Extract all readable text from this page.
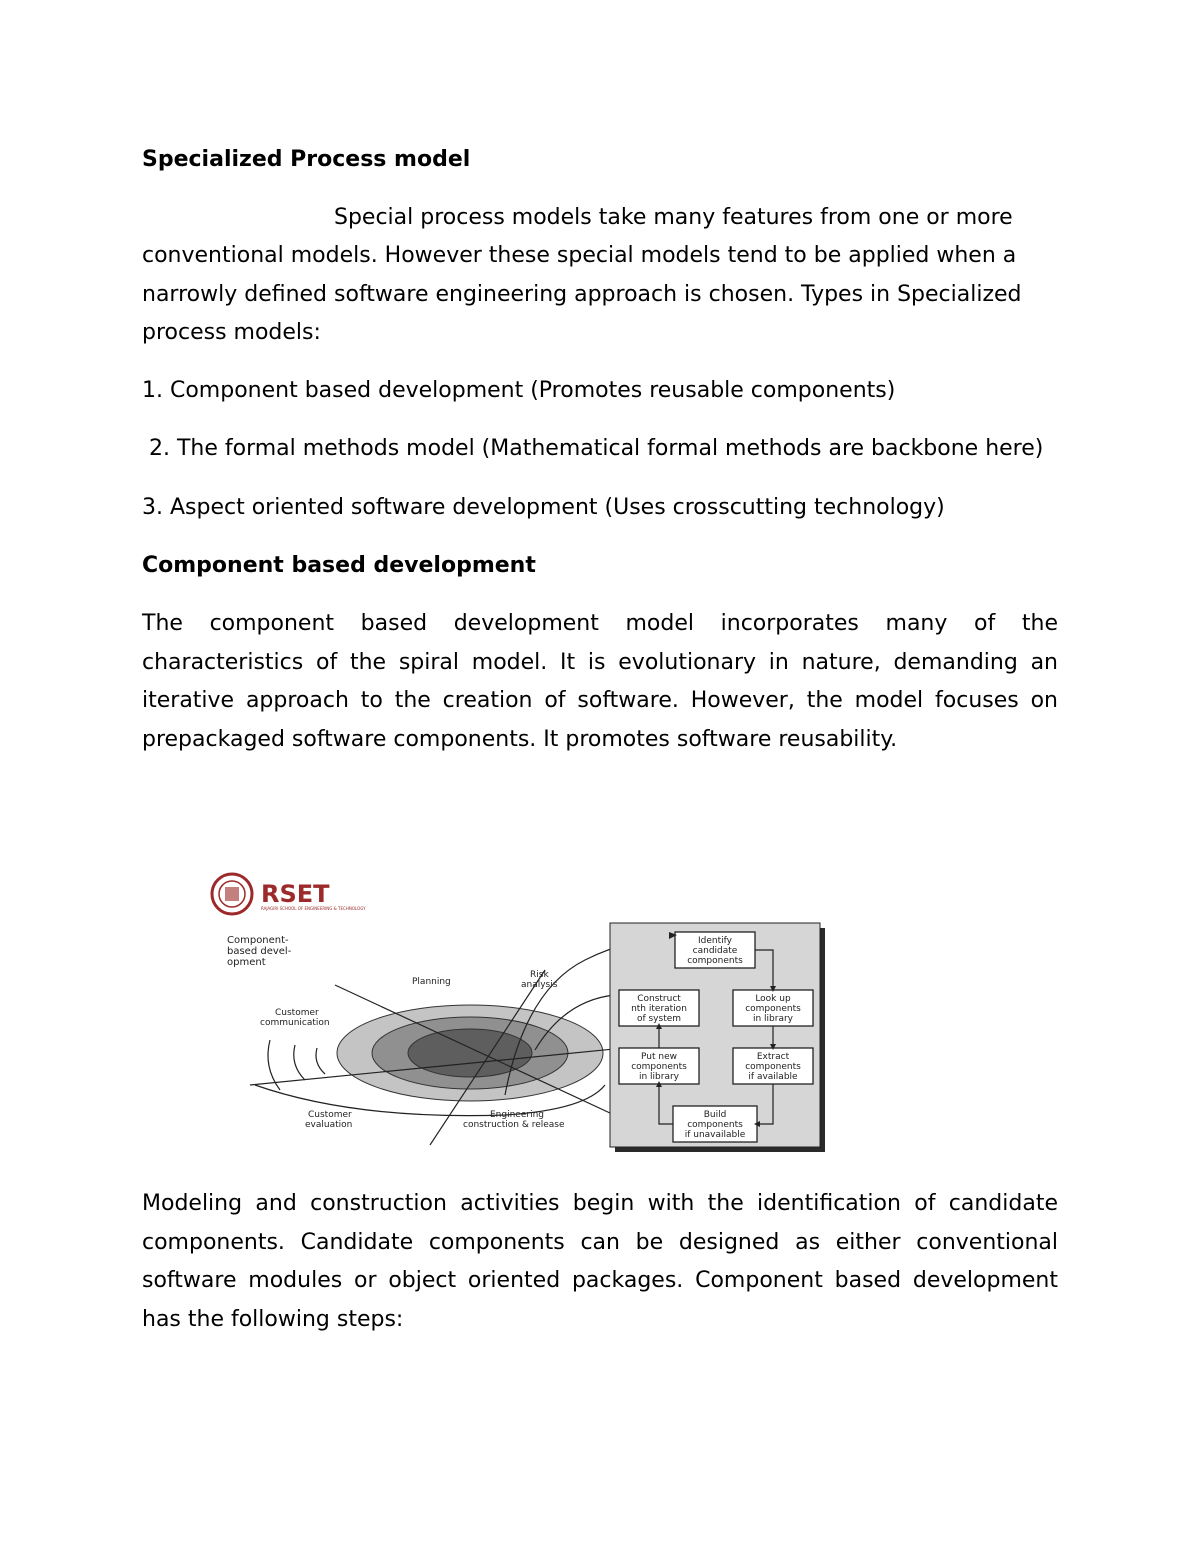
Specialized Process model

Special process models take many features from one or more

conventional models. However these special models tend to be applied when a

narrowly defined software engineering approach is chosen. Types in Specialized

process models:

1. Component based development (Promotes reusable components)

2. The formal methods model (Mathematical formal methods are backbone here)

3. Aspect oriented software development (Uses crosscutting technology)

Component based development

The component based development model incorporates many of the characteristics of the spiral model. It is evolutionary in nature, demanding an iterative approach to the creation of software. However, the model focuses on prepackaged software components. It promotes software reusability.

RSET
RAJAGIRI SCHOOL OF ENGINEERING & TECHNOLOGY
Component-
based devel-
opment
Planning
Risk
analysis
Customer
communication
Customer
evaluation
Engineering
construction & release
Identify
candidate
components
Construct
nth iteration
of system
Look up
components
in library
Put new
components
in library
Extract
components
if available
Build
components
if unavailable

Modeling and construction activities begin with the identification of candidate components. Candidate components can be designed as either conventional software modules or object oriented packages. Component based development has the following steps:
